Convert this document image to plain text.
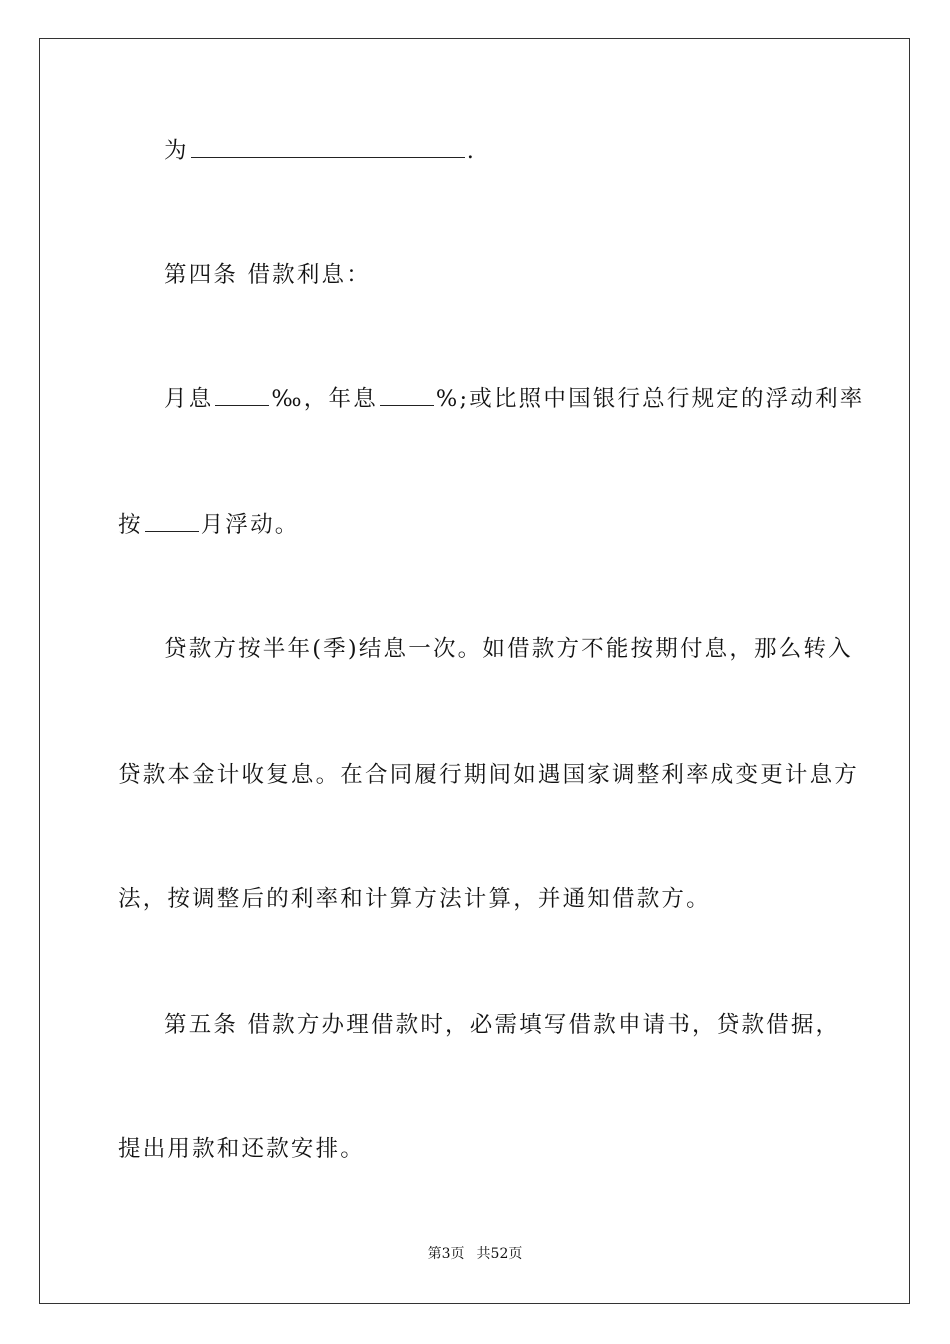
为	.
第四条 借款利息：
月息	‰，年息	%;或比照中国银行总行规定的浮动利率
按	月浮动。
贷款方按半年(季)结息一次。如借款方不能按期付息，那么转入
贷款本金计收复息。在合同履行期间如遇国家调整利率成变更计息方
法，按调整后的利率和计算方法计算，并通知借款方。
第五条 借款方办理借款时，必需填写借款申请书，贷款借据，
提出用款和还款安排。
第3页 共52页
